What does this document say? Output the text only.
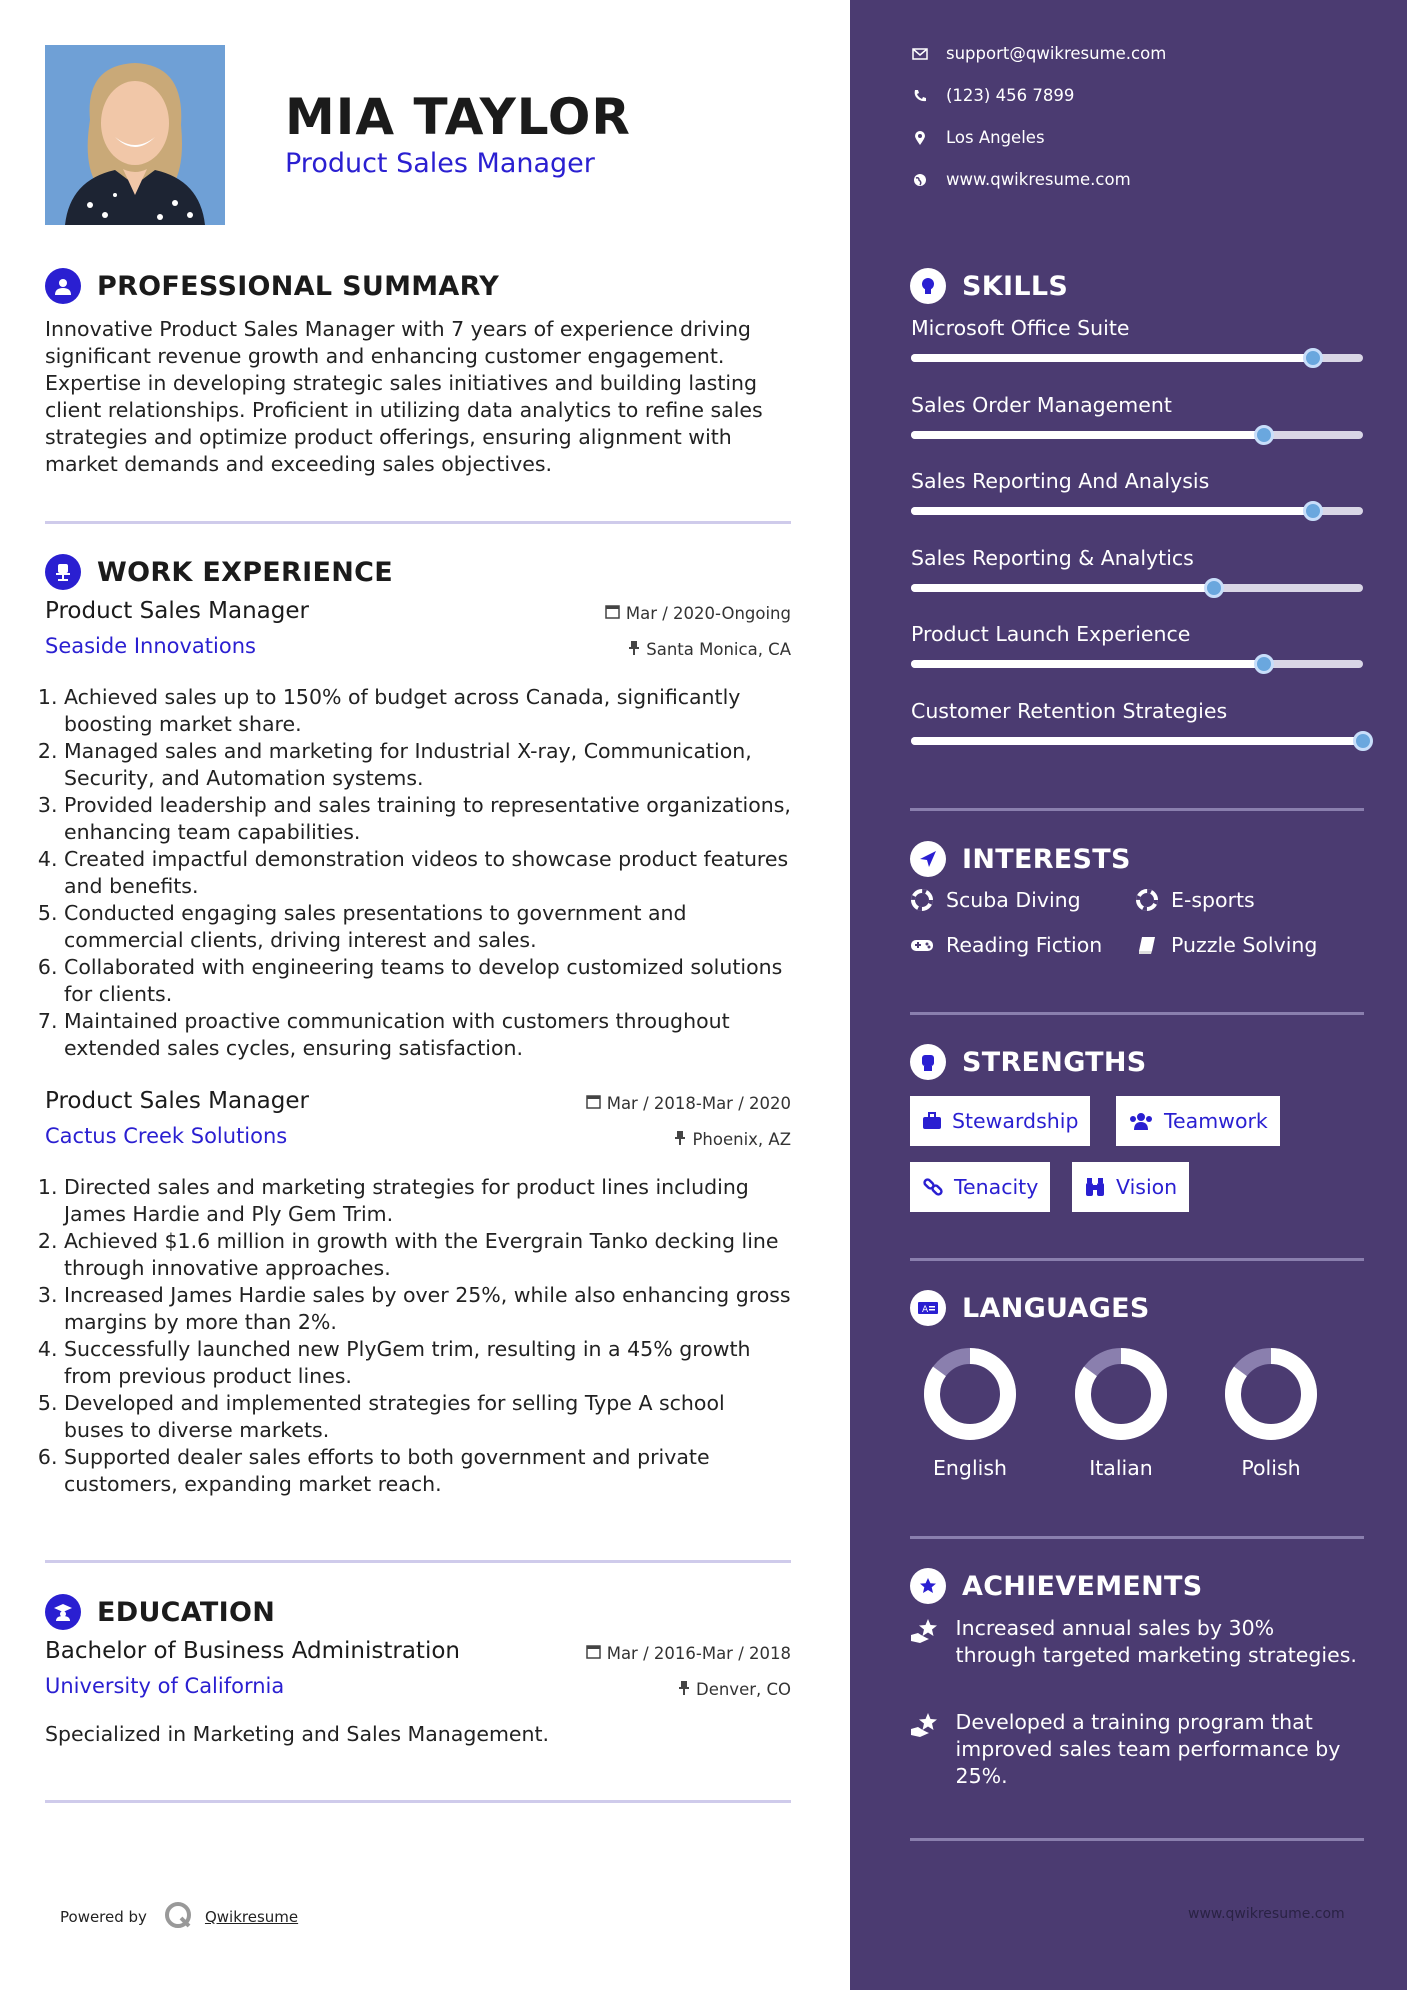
MIA TAYLOR
Product Sales Manager
PROFESSIONAL SUMMARY
Innovative Product Sales Manager with 7 years of experience driving significant revenue growth and enhancing customer engagement. Expertise in developing strategic sales initiatives and building lasting client relationships. Proficient in utilizing data analytics to refine sales strategies and optimize product offerings, ensuring alignment with market demands and exceeding sales objectives.
WORK EXPERIENCE
Product Sales Manager	Mar / 2020-Ongoing
Seaside Innovations	Santa Monica, CA
1. Achieved sales up to 150% of budget across Canada, significantly boosting market share.
2. Managed sales and marketing for Industrial X-ray, Communication, Security, and Automation systems.
3. Provided leadership and sales training to representative organizations, enhancing team capabilities.
4. Created impactful demonstration videos to showcase product features and benefits.
5. Conducted engaging sales presentations to government and commercial clients, driving interest and sales.
6. Collaborated with engineering teams to develop customized solutions for clients.
7. Maintained proactive communication with customers throughout extended sales cycles, ensuring satisfaction.
Product Sales Manager	Mar / 2018-Mar / 2020
Cactus Creek Solutions	Phoenix, AZ
1. Directed sales and marketing strategies for product lines including James Hardie and Ply Gem Trim.
2. Achieved $1.6 million in growth with the Evergrain Tanko decking line through innovative approaches.
3. Increased James Hardie sales by over 25%, while also enhancing gross margins by more than 2%.
4. Successfully launched new PlyGem trim, resulting in a 45% growth from previous product lines.
5. Developed and implemented strategies for selling Type A school buses to diverse markets.
6. Supported dealer sales efforts to both government and private customers, expanding market reach.
EDUCATION
Bachelor of Business Administration	Mar / 2016-Mar / 2018
University of California	Denver, CO
Specialized in Marketing and Sales Management.
Powered by	Qwikresume
support@qwikresume.com
(123) 456 7899
Los Angeles
www.qwikresume.com
SKILLS
Microsoft Office Suite
Sales Order Management
Sales Reporting And Analysis
Sales Reporting & Analytics
Product Launch Experience
Customer Retention Strategies
INTERESTS
Scuba Diving	E-sports
Reading Fiction	Puzzle Solving
STRENGTHS
Stewardship	Teamwork
Tenacity	Vision
A LANGUAGES
English	Italian	Polish
ACHIEVEMENTS
Increased annual sales by 30% through targeted marketing strategies.
Developed a training program that improved sales team performance by 25%.
www.qwikresume.com
